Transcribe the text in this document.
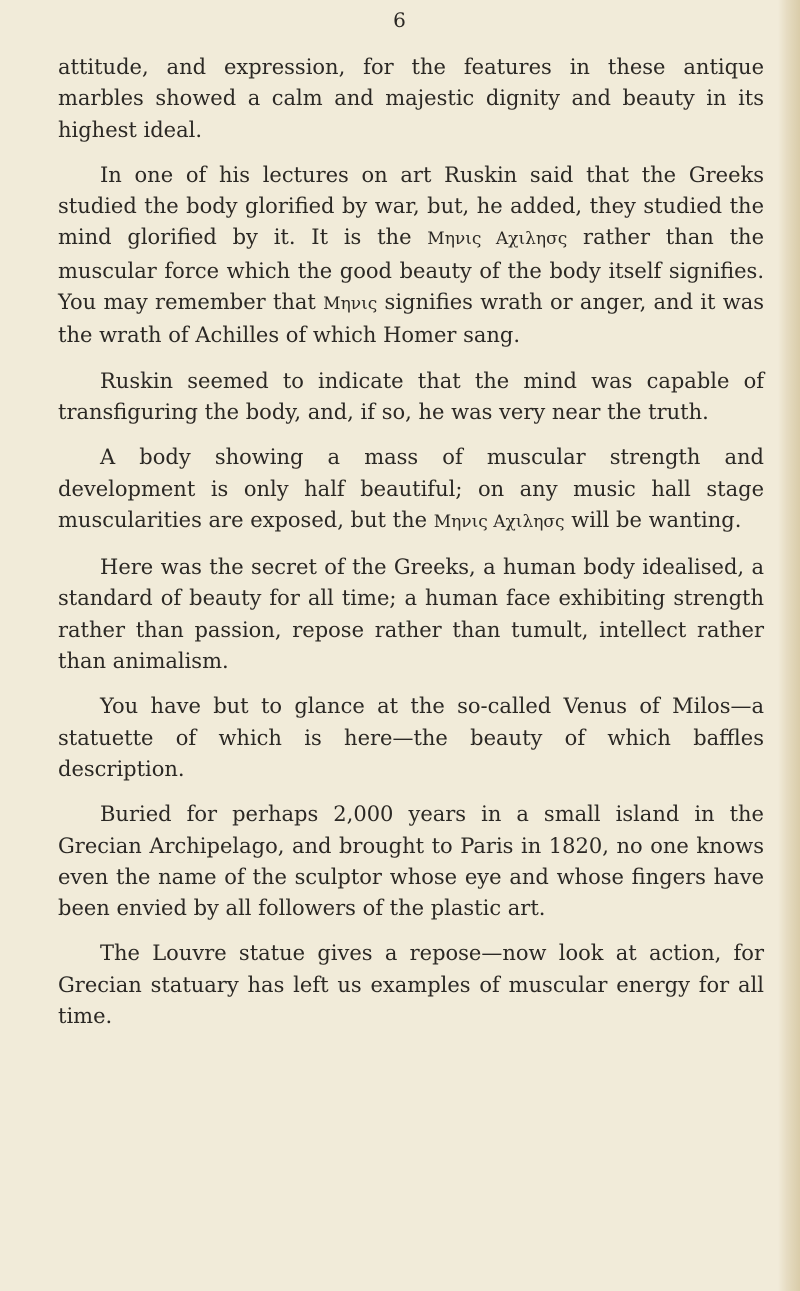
6

attitude, and expression, for the features in these antique marbles showed a calm and majestic dignity and beauty in its highest ideal.

In one of his lectures on art Ruskin said that the Greeks studied the body glorified by war, but, he added, they studied the mind glorified by it. It is the Μηνις Αχιλησς rather than the muscular force which the good beauty of the body itself signifies. You may remember that Μηνις signifies wrath or anger, and it was the wrath of Achilles of which Homer sang.

Ruskin seemed to indicate that the mind was capable of transfiguring the body, and, if so, he was very near the truth.

A body showing a mass of muscular strength and development is only half beautiful; on any music hall stage muscularities are exposed, but the Μηνις Αχιλησς will be wanting.

Here was the secret of the Greeks, a human body idealised, a standard of beauty for all time; a human face exhibiting strength rather than passion, repose rather than tumult, intellect rather than animalism.

You have but to glance at the so-called Venus of Milos—a statuette of which is here—the beauty of which baffles description.

Buried for perhaps 2,000 years in a small island in the Grecian Archipelago, and brought to Paris in 1820, no one knows even the name of the sculptor whose eye and whose fingers have been envied by all followers of the plastic art.

The Louvre statue gives a repose—now look at action, for Grecian statuary has left us examples of muscular energy for all time.
